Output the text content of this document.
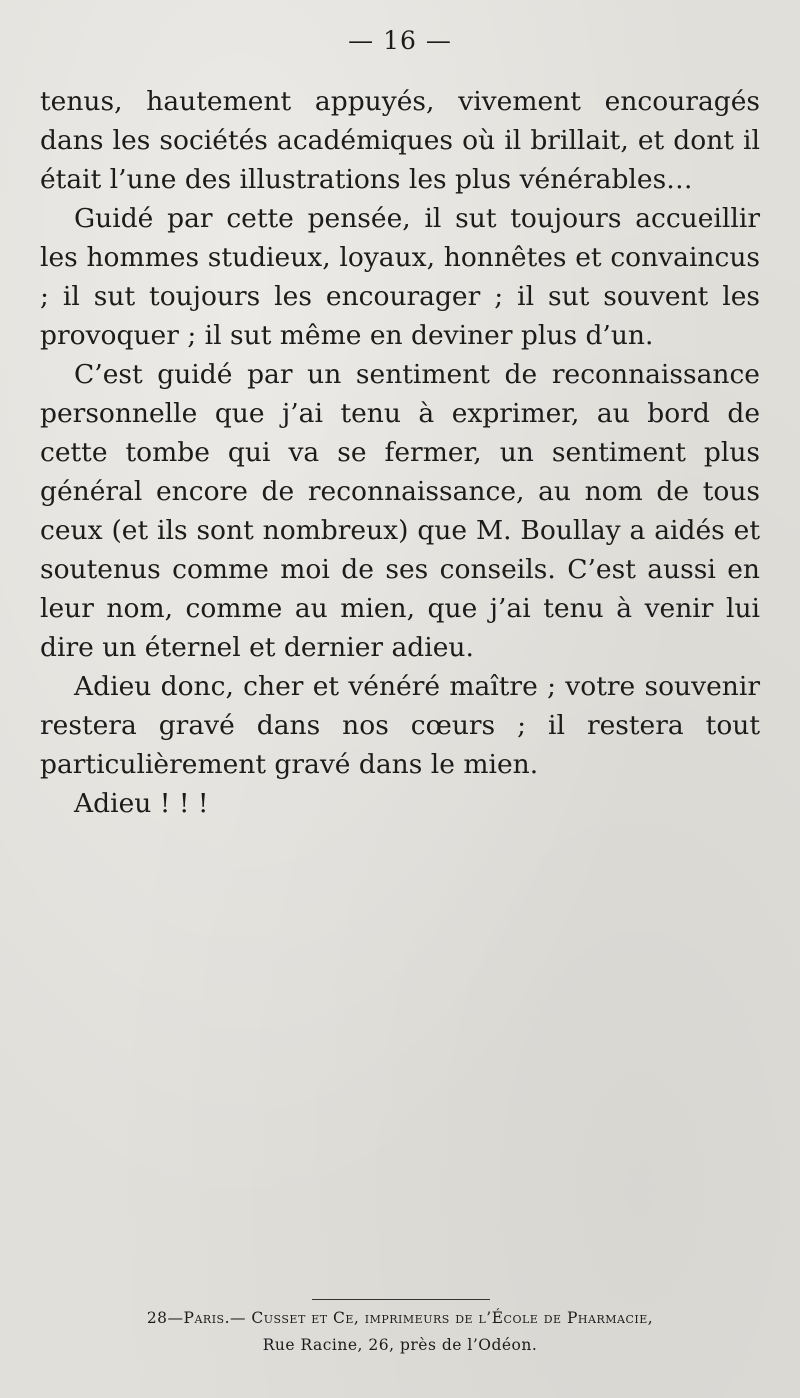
— 16 —

tenus, hautement appuyés, vivement encouragés dans les sociétés académiques où il brillait, et dont il était l’une des illustrations les plus vénérables…

Guidé par cette pensée, il sut toujours accueillir les hommes studieux, loyaux, honnêtes et convaincus ; il sut toujours les encourager ; il sut souvent les provoquer ; il sut même en deviner plus d’un.

C’est guidé par un sentiment de reconnaissance personnelle que j’ai tenu à exprimer, au bord de cette tombe qui va se fermer, un sentiment plus général encore de reconnaissance, au nom de tous ceux (et ils sont nombreux) que M. Boullay a aidés et soutenus comme moi de ses conseils. C’est aussi en leur nom, comme au mien, que j’ai tenu à venir lui dire un éternel et dernier adieu.

Adieu donc, cher et vénéré maître ; votre souvenir restera gravé dans nos cœurs ; il restera tout particulièrement gravé dans le mien.

Adieu ! ! !

28—Paris.— Cusset et Ce, imprimeurs de l’École de Pharmacie,
Rue Racine, 26, près de l’Odéon.
